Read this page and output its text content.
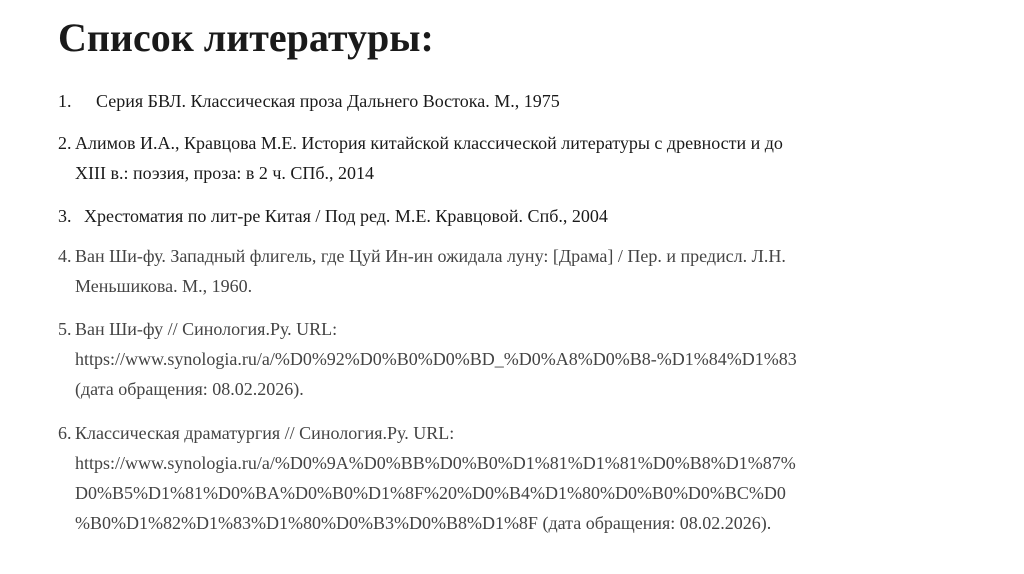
Список литературы:
1.	Серия БВЛ. Классическая проза Дальнего Востока. М., 1975
2. Алимов И.А., Кравцова М.Е. История китайской классической литературы с древности и до
XIII в.: поэзия, проза: в 2 ч. СПб., 2014
3. Хрестоматия по лит-ре Китая / Под ред. М.Е. Кравцовой. Спб., 2004
4. Ван Ши-фу. Западный флигель, где Цуй Ин-ин ожидала луну: [Драма] / Пер. и предисл. Л.Н.
Меньшикова. М., 1960.
5. Ван Ши-фу // Синология.Ру. URL:
https://www.synologia.ru/a/%D0%92%D0%B0%D0%BD_%D0%A8%D0%B8-%D1%84%D1%83
(дата обращения: 08.02.2026).
6. Классическая драматургия // Синология.Ру. URL:
https://www.synologia.ru/a/%D0%9A%D0%BB%D0%B0%D1%81%D1%81%D0%B8%D1%87%
D0%B5%D1%81%D0%BA%D0%B0%D1%8F%20%D0%B4%D1%80%D0%B0%D0%BC%D0
%B0%D1%82%D1%83%D1%80%D0%B3%D0%B8%D1%8F (дата обращения: 08.02.2026).
